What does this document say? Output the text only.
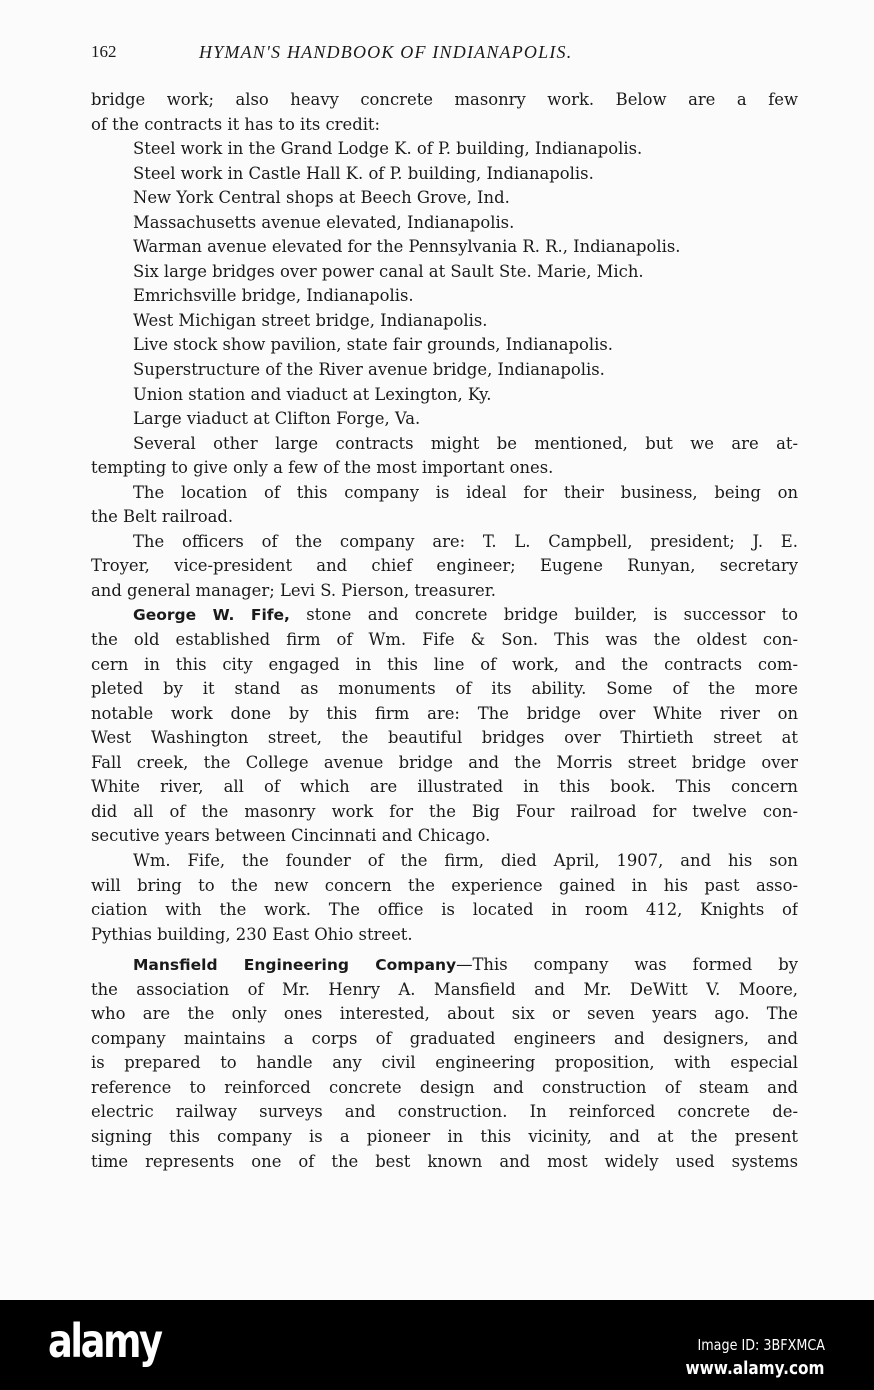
162	HYMAN'S HANDBOOK OF INDIANAPOLIS.
bridge work; also heavy concrete masonry work. Below are a few
of the contracts it has to its credit:
Steel work in the Grand Lodge K. of P. building, Indianapolis.
Steel work in Castle Hall K. of P. building, Indianapolis.
New York Central shops at Beech Grove, Ind.
Massachusetts avenue elevated, Indianapolis.
Warman avenue elevated for the Pennsylvania R. R., Indianapolis.
Six large bridges over power canal at Sault Ste. Marie, Mich.
Emrichsville bridge, Indianapolis.
West Michigan street bridge, Indianapolis.
Live stock show pavilion, state fair grounds, Indianapolis.
Superstructure of the River avenue bridge, Indianapolis.
Union station and viaduct at Lexington, Ky.
Large viaduct at Clifton Forge, Va.
Several other large contracts might be mentioned, but we are at-
tempting to give only a few of the most important ones.
The location of this company is ideal for their business, being on
the Belt railroad.
The officers of the company are: T. L. Campbell, president; J. E.
Troyer, vice-president and chief engineer; Eugene Runyan, secretary
and general manager; Levi S. Pierson, treasurer.
George W. Fife, stone and concrete bridge builder, is successor to
the old established firm of Wm. Fife & Son. This was the oldest con-
cern in this city engaged in this line of work, and the contracts com-
pleted by it stand as monuments of its ability. Some of the more
notable work done by this firm are: The bridge over White river on
West Washington street, the beautiful bridges over Thirtieth street at
Fall creek, the College avenue bridge and the Morris street bridge over
White river, all of which are illustrated in this book. This concern
did all of the masonry work for the Big Four railroad for twelve con-
secutive years between Cincinnati and Chicago.
Wm. Fife, the founder of the firm, died April, 1907, and his son
will bring to the new concern the experience gained in his past asso-
ciation with the work. The office is located in room 412, Knights of
Pythias building, 230 East Ohio street.
Mansfield Engineering Company—This company was formed by
the association of Mr. Henry A. Mansfield and Mr. DeWitt V. Moore,
who are the only ones interested, about six or seven years ago. The
company maintains a corps of graduated engineers and designers, and
is prepared to handle any civil engineering proposition, with especial
reference to reinforced concrete design and construction of steam and
electric railway surveys and construction. In reinforced concrete de-
signing this company is a pioneer in this vicinity, and at the present
time represents one of the best known and most widely used systems
alamy	Image ID: 3BFXMCA
www.alamy.com
